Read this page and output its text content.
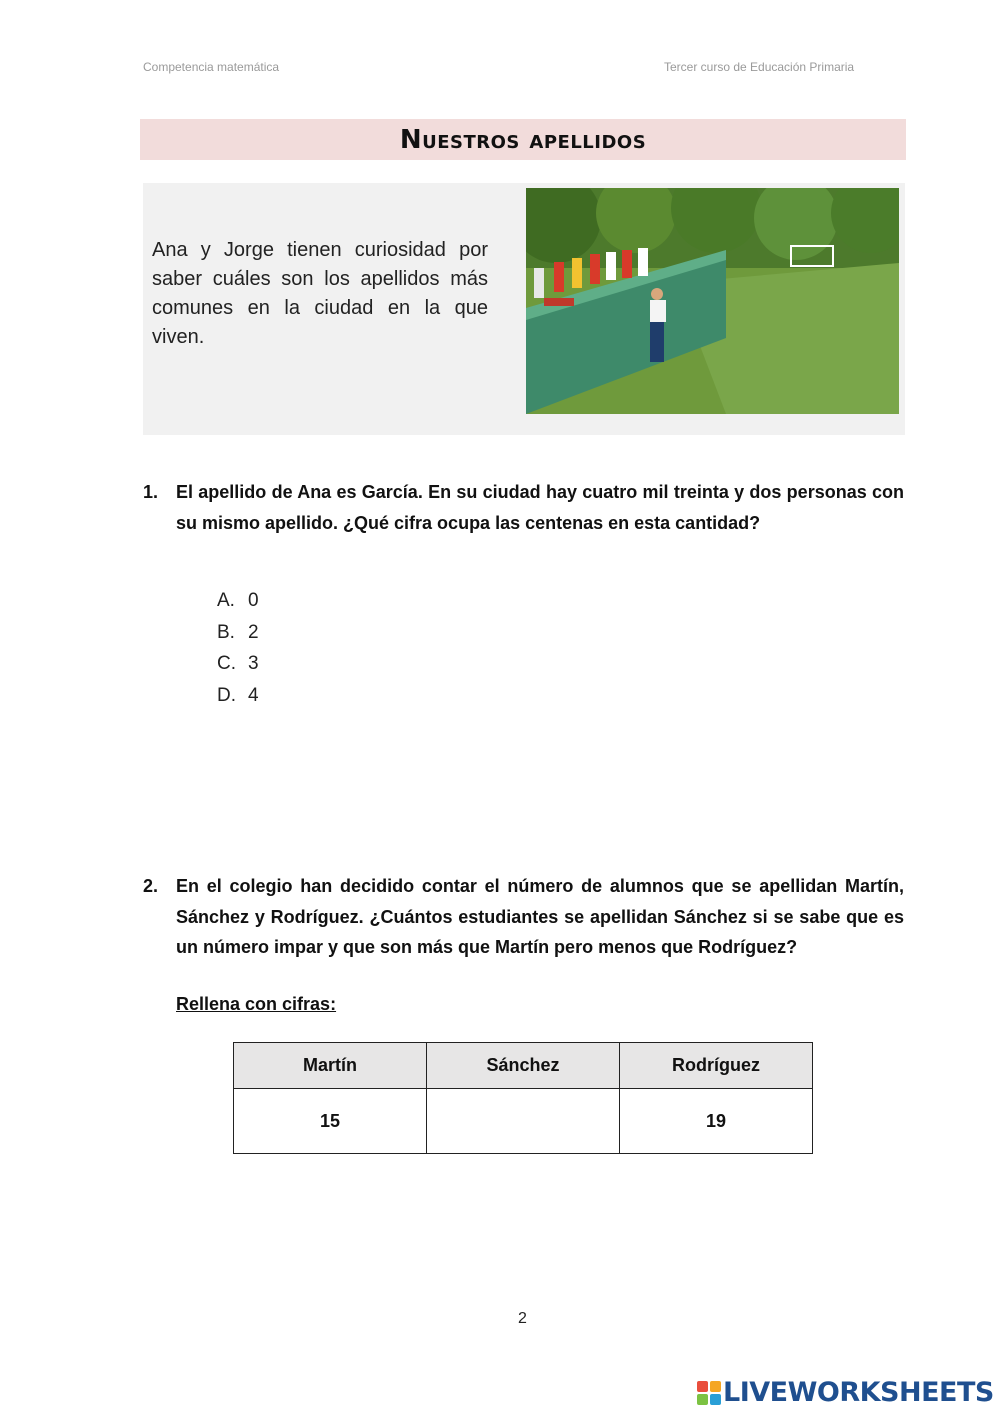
Competencia matemática	Tercer curso de Educación Primaria
Nuestros apellidos
Ana y Jorge tienen curiosidad por saber cuáles son los apellidos más comunes en la ciudad en la que viven.
1. El apellido de Ana es García. En su ciudad hay cuatro mil treinta y dos personas con su mismo apellido. ¿Qué cifra ocupa las centenas en esta cantidad?
A. 0
B. 2
C. 3
D. 4
2. En el colegio han decidido contar el número de alumnos que se apellidan Martín, Sánchez y Rodríguez. ¿Cuántos estudiantes se apellidan Sánchez si se sabe que es un número impar y que son más que Martín pero menos que Rodríguez?
Rellena con cifras:
Martín	Sánchez	Rodríguez
15		19
2
LIVEWORKSHEETS
